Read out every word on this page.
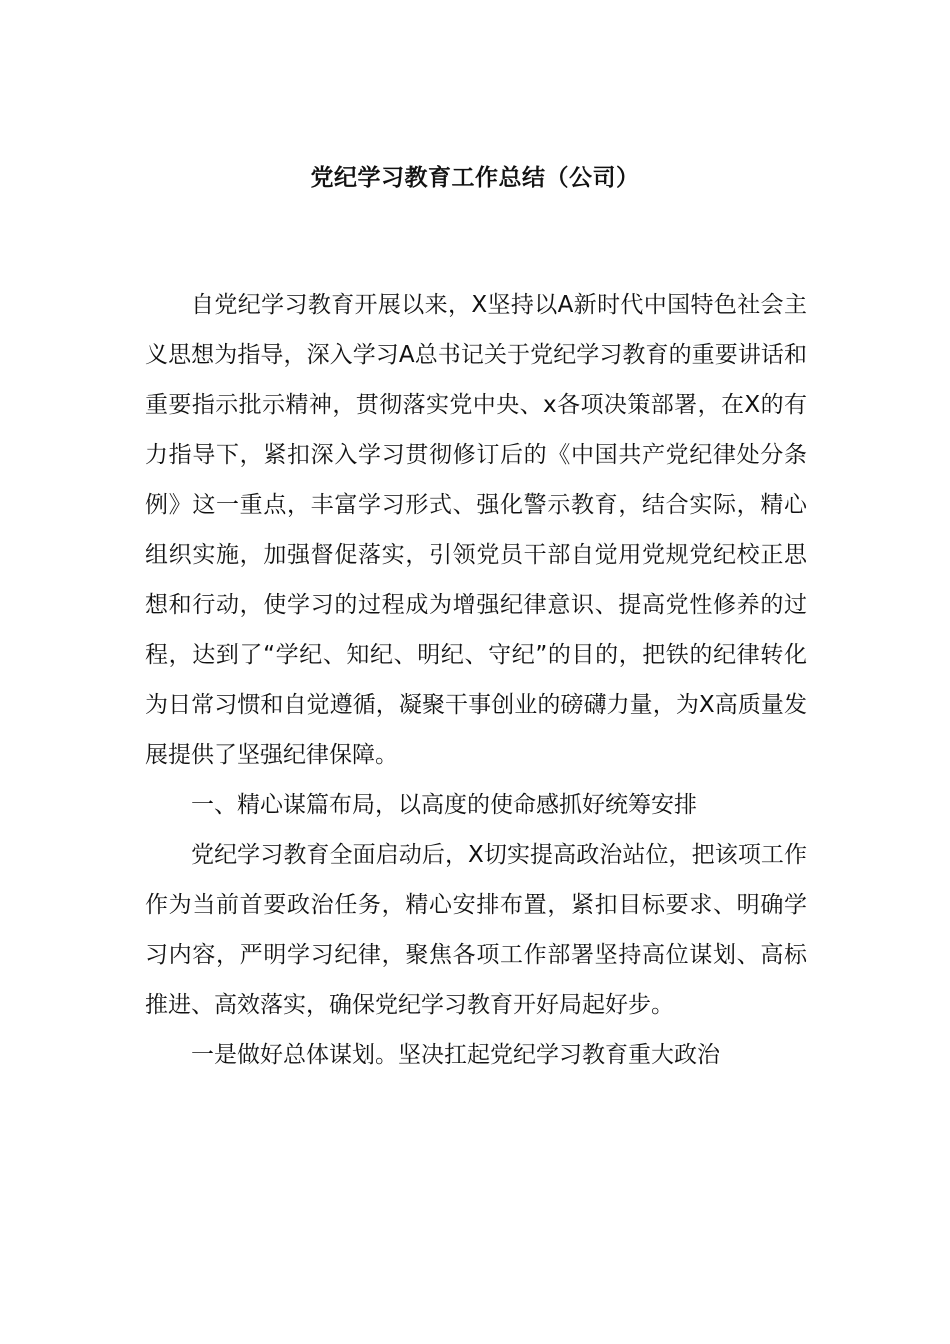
党纪学习教育工作总结（公司）

自党纪学习教育开展以来，X坚持以A新时代中国特色社会主义思想为指导，深入学习A总书记关于党纪学习教育的重要讲话和重要指示批示精神，贯彻落实党中央、x各项决策部署，在X的有力指导下，紧扣深入学习贯彻修订后的《中国共产党纪律处分条例》这一重点，丰富学习形式、强化警示教育，结合实际，精心组织实施，加强督促落实，引领党员干部自觉用党规党纪校正思想和行动，使学习的过程成为增强纪律意识、提高党性修养的过程，达到了“学纪、知纪、明纪、守纪”的目的，把铁的纪律转化为日常习惯和自觉遵循，凝聚干事创业的磅礴力量，为X高质量发展提供了坚强纪律保障。

一、精心谋篇布局，以高度的使命感抓好统筹安排

党纪学习教育全面启动后，X切实提高政治站位，把该项工作作为当前首要政治任务，精心安排布置，紧扣目标要求、明确学习内容，严明学习纪律，聚焦各项工作部署坚持高位谋划、高标推进、高效落实，确保党纪学习教育开好局起好步。

一是做好总体谋划。坚决扛起党纪学习教育重大政治
